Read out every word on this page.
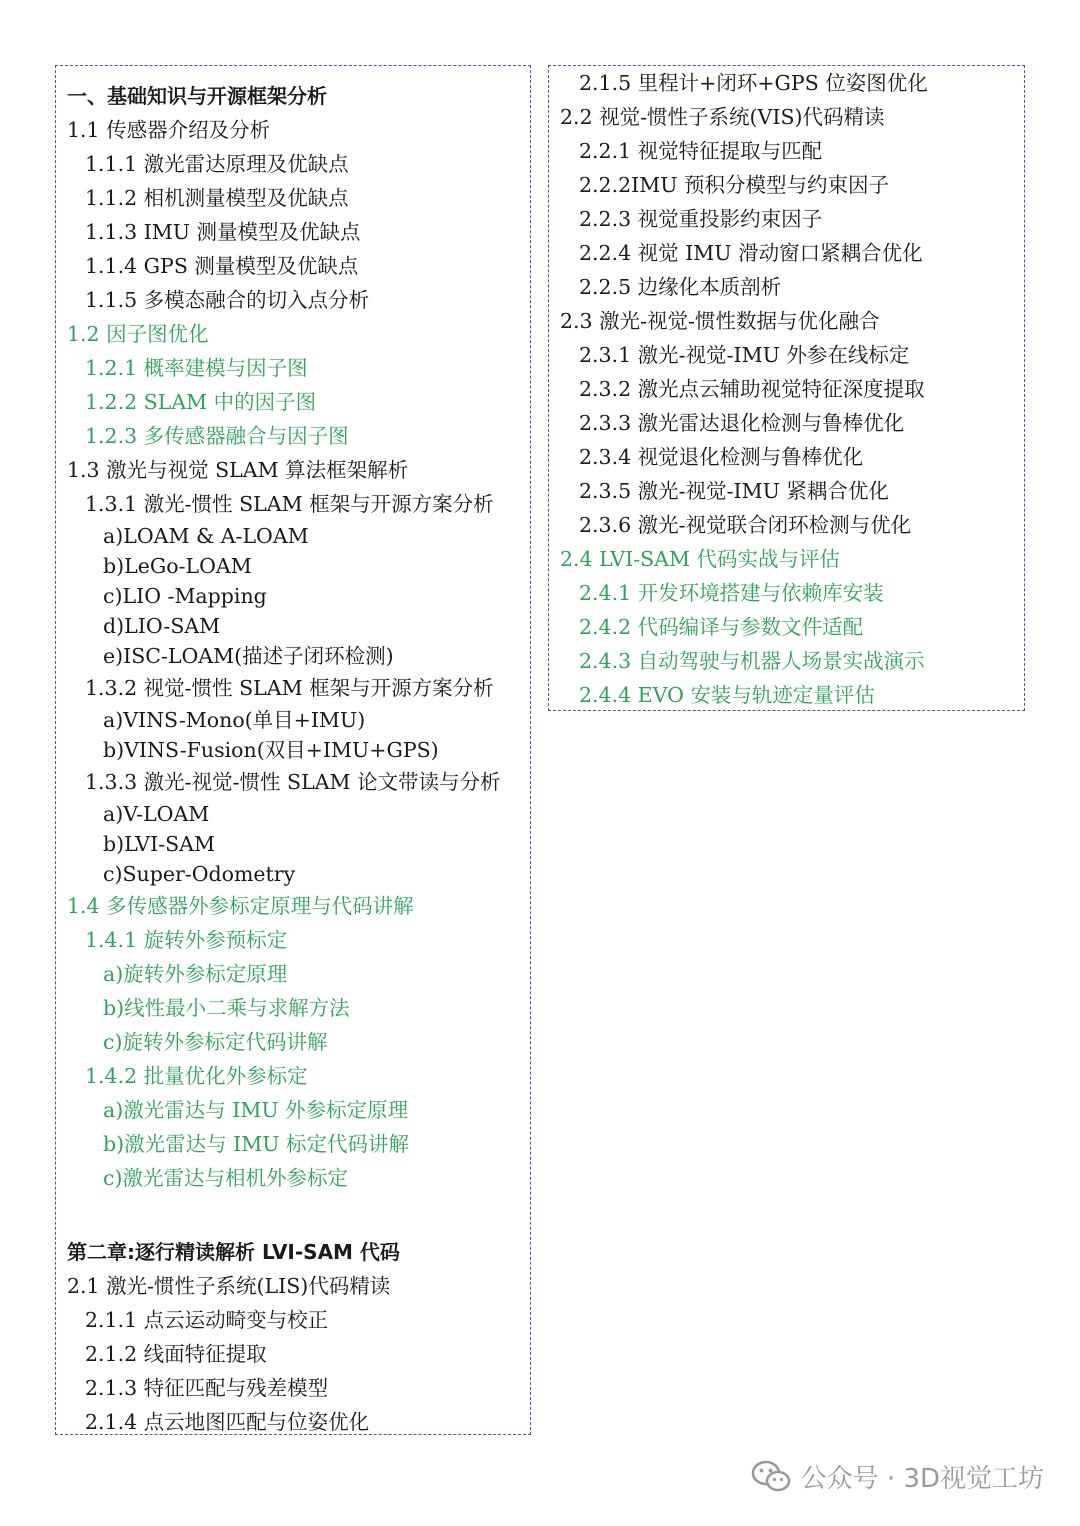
一、基础知识与开源框架分析
1.1 传感器介绍及分析
1.1.1 激光雷达原理及优缺点
1.1.2 相机测量模型及优缺点
1.1.3 IMU 测量模型及优缺点
1.1.4 GPS 测量模型及优缺点
1.1.5 多模态融合的切入点分析
1.2 因子图优化
1.2.1 概率建模与因子图
1.2.2 SLAM 中的因子图
1.2.3 多传感器融合与因子图
1.3 激光与视觉 SLAM 算法框架解析
1.3.1 激光-惯性 SLAM 框架与开源方案分析
a)LOAM & A-LOAM
b)LeGo-LOAM
c)LIO -Mapping
d)LIO-SAM
e)ISC-LOAM(描述子闭环检测)
1.3.2 视觉-惯性 SLAM 框架与开源方案分析
a)VINS-Mono(单目+IMU)
b)VINS-Fusion(双目+IMU+GPS)
1.3.3 激光-视觉-惯性 SLAM 论文带读与分析
a)V-LOAM
b)LVI-SAM
c)Super-Odometry
1.4 多传感器外参标定原理与代码讲解
1.4.1 旋转外参预标定
a)旋转外参标定原理
b)线性最小二乘与求解方法
c)旋转外参标定代码讲解
1.4.2 批量优化外参标定
a)激光雷达与 IMU 外参标定原理
b)激光雷达与 IMU 标定代码讲解
c)激光雷达与相机外参标定
第二章:逐行精读解析 LVI-SAM 代码
2.1 激光-惯性子系统(LIS)代码精读
2.1.1 点云运动畸变与校正
2.1.2 线面特征提取
2.1.3 特征匹配与残差模型
2.1.4 点云地图匹配与位姿优化
2.1.5 里程计+闭环+GPS 位姿图优化
2.2 视觉-惯性子系统(VIS)代码精读
2.2.1 视觉特征提取与匹配
2.2.2IMU 预积分模型与约束因子
2.2.3 视觉重投影约束因子
2.2.4 视觉 IMU 滑动窗口紧耦合优化
2.2.5 边缘化本质剖析
2.3 激光-视觉-惯性数据与优化融合
2.3.1 激光-视觉-IMU 外参在线标定
2.3.2 激光点云辅助视觉特征深度提取
2.3.3 激光雷达退化检测与鲁棒优化
2.3.4 视觉退化检测与鲁棒优化
2.3.5 激光-视觉-IMU 紧耦合优化
2.3.6 激光-视觉联合闭环检测与优化
2.4 LVI-SAM 代码实战与评估
2.4.1 开发环境搭建与依赖库安装
2.4.2 代码编译与参数文件适配
2.4.3 自动驾驶与机器人场景实战演示
2.4.4 EVO 安装与轨迹定量评估
公众号 · 3D视觉工坊
